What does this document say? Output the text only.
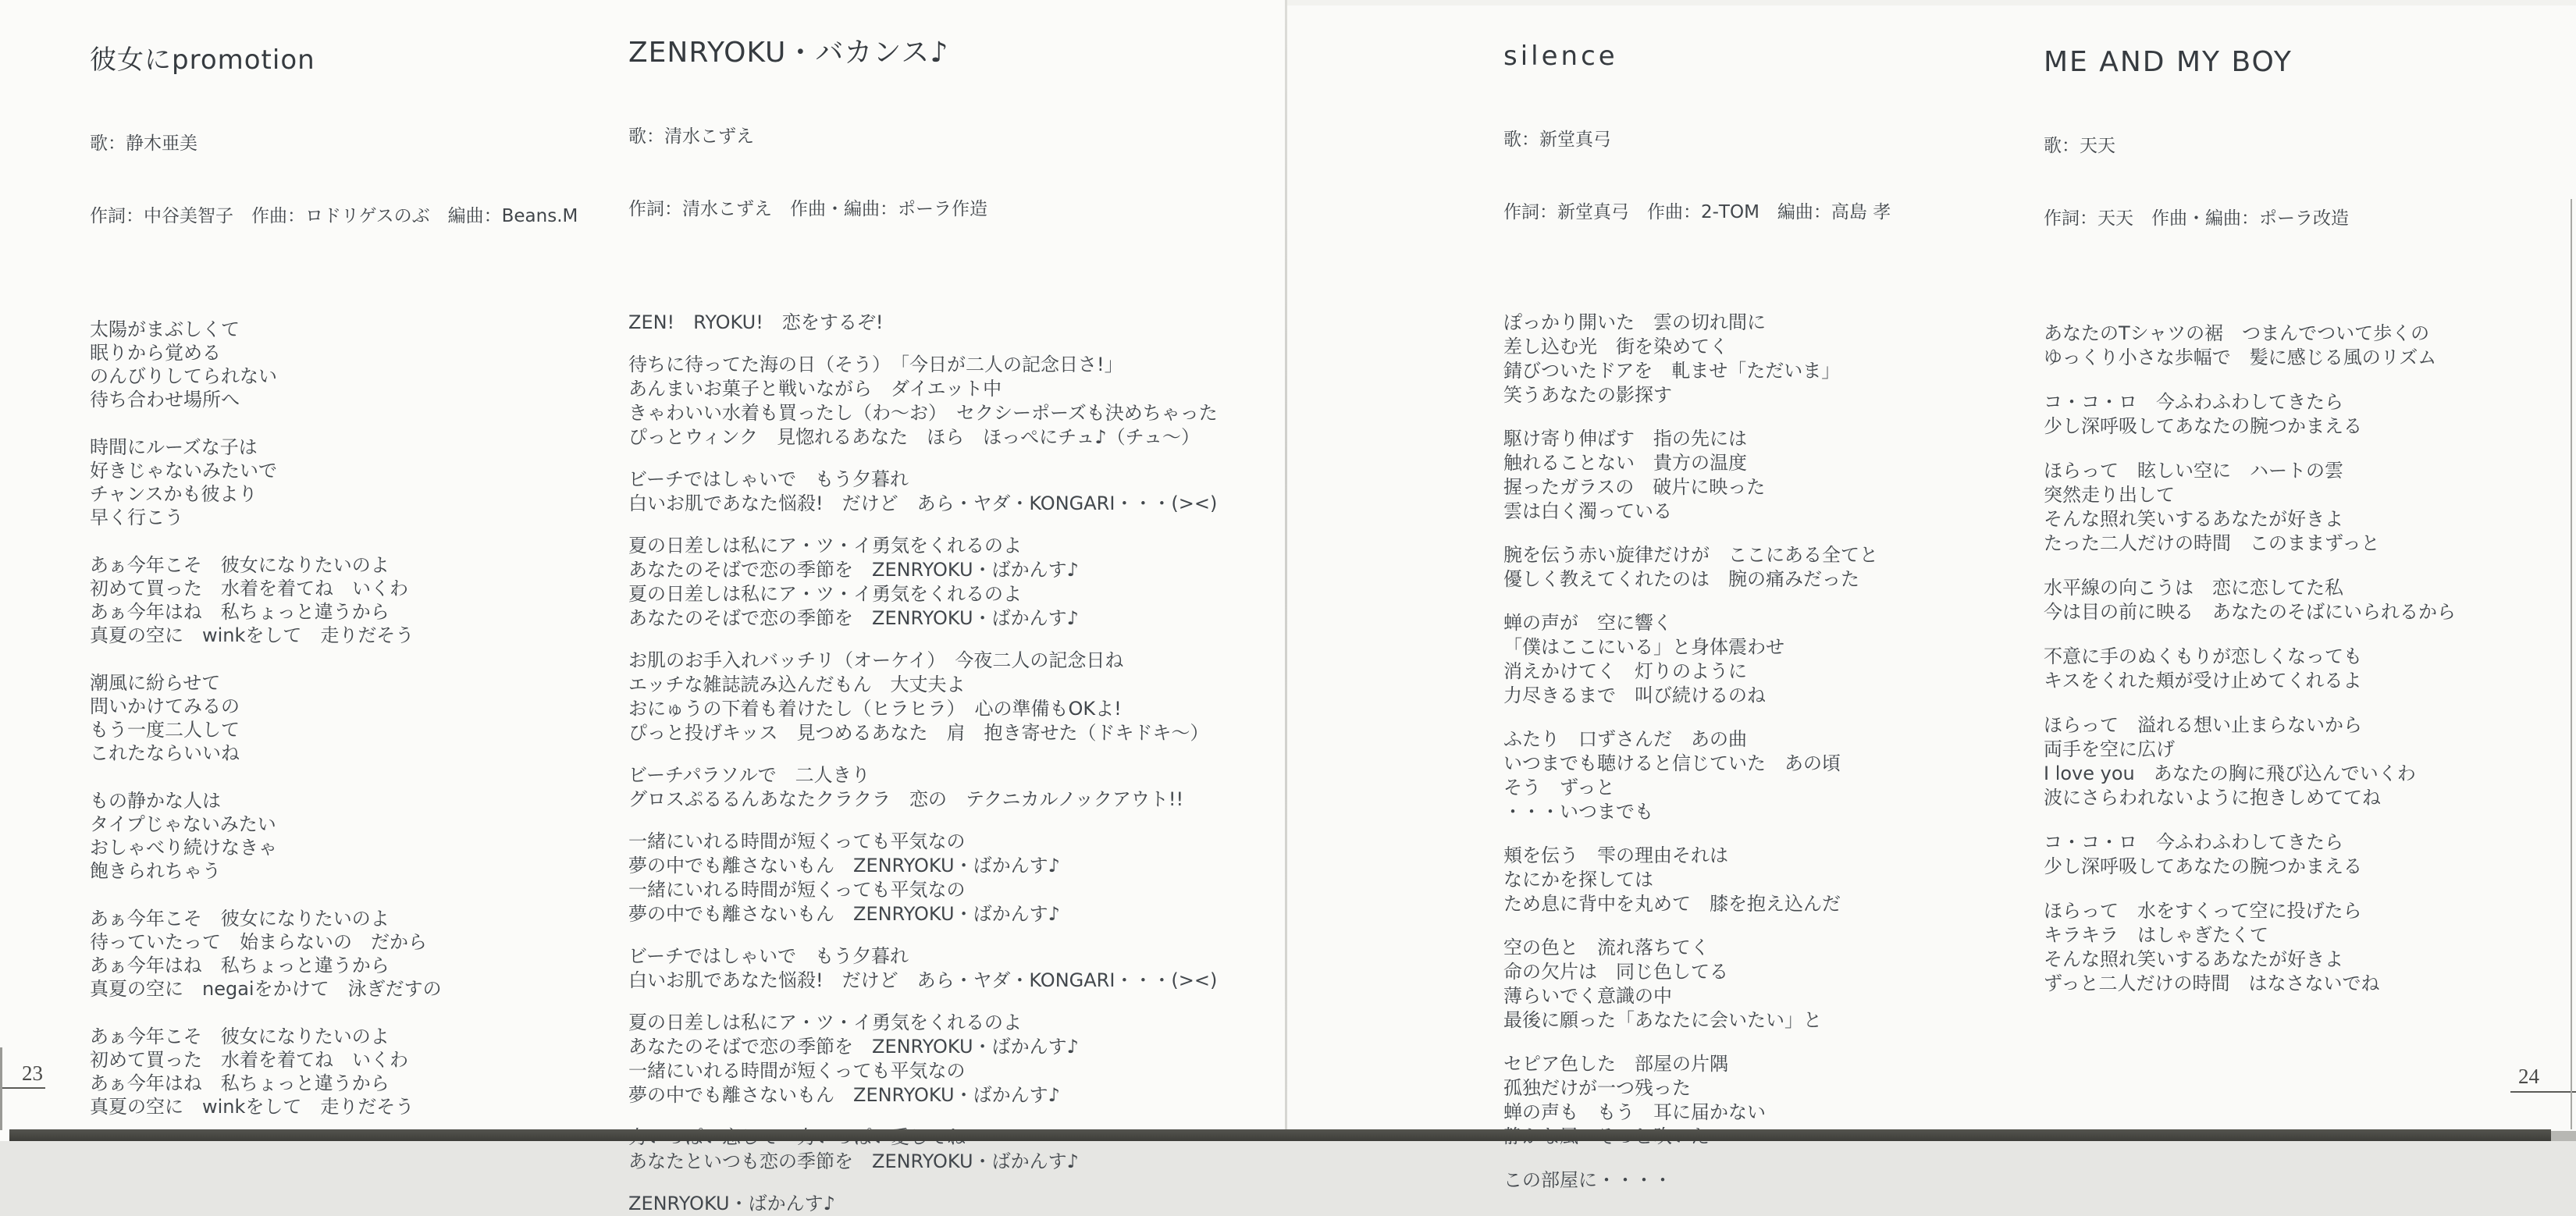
彼女にpromotion

歌：静木亜美

作詞：中谷美智子　作曲：ロドリゲスのぶ　編曲：Beans.M

太陽がまぶしくて
眠りから覚める
のんびりしてられない
待ち合わせ場所へ
時間にルーズな子は
好きじゃないみたいで
チャンスかも彼より
早く行こう
あぁ今年こそ　彼女になりたいのよ
初めて買った　水着を着てね　いくわ
あぁ今年はね　私ちょっと違うから
真夏の空に　winkをして　走りだそう
潮風に紛らせて
問いかけてみるの
もう一度二人して
これたならいいね
もの静かな人は
タイプじゃないみたい
おしゃべり続けなきゃ
飽きられちゃう
あぁ今年こそ　彼女になりたいのよ
待っていたって　始まらないの　だから
あぁ今年はね　私ちょっと違うから
真夏の空に　negaiをかけて　泳ぎだすの
あぁ今年こそ　彼女になりたいのよ
初めて買った　水着を着てね　いくわ
あぁ今年はね　私ちょっと違うから
真夏の空に　winkをして　走りだそう
ZENRYOKU・バカンス♪

歌：清水こずえ

作詞：清水こずえ　作曲・編曲：ポーラ作造

ZEN!　RYOKU!　恋をするぞ!
待ちに待ってた海の日（そう）　「今日が二人の記念日さ!」
あんまいお菓子と戦いながら　ダイエット中
きゃわいい水着も買ったし（わ〜お）　セクシーポーズも決めちゃった
ぴっとウィンク　見惚れるあなた　ほら　ほっぺにチュ♪（チュ〜）
ビーチではしゃいで　もう夕暮れ
白いお肌であなた悩殺!　だけど　あら・ヤダ・KONGARI・・・(><)
夏の日差しは私にア・ツ・イ勇気をくれるのよ
あなたのそばで恋の季節を　ZENRYOKU・ばかんす♪
夏の日差しは私にア・ツ・イ勇気をくれるのよ
あなたのそばで恋の季節を　ZENRYOKU・ばかんす♪
お肌のお手入れバッチリ（オーケイ）　今夜二人の記念日ね
エッチな雑誌読み込んだもん　大丈夫よ
おにゅうの下着も着けたし（ヒラヒラ）　心の準備もOKよ!
ぴっと投げキッス　見つめるあなた　肩　抱き寄せた（ドキドキ〜）
ビーチパラソルで　二人きり
グロスぷるるんあなたクラクラ　恋の　テクニカルノックアウト!!
一緒にいれる時間が短くっても平気なの
夢の中でも離さないもん　ZENRYOKU・ばかんす♪
一緒にいれる時間が短くっても平気なの
夢の中でも離さないもん　ZENRYOKU・ばかんす♪
ビーチではしゃいで　もう夕暮れ
白いお肌であなた悩殺!　だけど　あら・ヤダ・KONGARI・・・(><)
夏の日差しは私にア・ツ・イ勇気をくれるのよ
あなたのそばで恋の季節を　ZENRYOKU・ばかんす♪
一緒にいれる時間が短くっても平気なの
夢の中でも離さないもん　ZENRYOKU・ばかんす♪
あなたといつも恋の季節を　ZENRYOKU・ばかんす♪
ZENRYOKU・ばかんす♪
silence

歌：新堂真弓

作詞：新堂真弓　作曲：2-TOM　編曲：高島 孝

ぽっかり開いた　雲の切れ間に
差し込む光　街を染めてく
錆びついたドアを　軋ませ「ただいま」
笑うあなたの影探す
駆け寄り伸ばす　指の先には
触れることない　貴方の温度
握ったガラスの　破片に映った
雲は白く濁っている
腕を伝う赤い旋律だけが　ここにある全てと
優しく教えてくれたのは　腕の痛みだった
蝉の声が　空に響く
「僕はここにいる」と身体震わせ
消えかけてく　灯りのように
力尽きるまで　叫び続けるのね
ふたり　口ずさんだ　あの曲
いつまでも聴けると信じていた　あの頃
そう　ずっと
・・・いつまでも
頬を伝う　雫の理由それは
なにかを探しては
ため息に背中を丸めて　膝を抱え込んだ
空の色と　流れ落ちてく
命の欠片は　同じ色してる
薄らいでく意識の中
最後に願った「あなたに会いたい」と
セピア色した　部屋の片隅
孤独だけが一つ残った
蝉の声も　もう　耳に届かない
この部屋に・・・・
ME AND MY BOY

歌：天天

作詞：天天　作曲・編曲：ポーラ改造

あなたのTシャツの裾　つまんでついて歩くの
ゆっくり小さな歩幅で　髪に感じる風のリズム
コ・コ・ロ　今ふわふわしてきたら
少し深呼吸してあなたの腕つかまえる
ほらって　眩しい空に　ハートの雲
突然走り出して
そんな照れ笑いするあなたが好きよ
たった二人だけの時間　このままずっと
水平線の向こうは　恋に恋してた私
今は目の前に映る　あなたのそばにいられるから
不意に手のぬくもりが恋しくなっても
キスをくれた頬が受け止めてくれるよ
ほらって　溢れる想い止まらないから
両手を空に広げ
I love you　あなたの胸に飛び込んでいくわ
波にさらわれないように抱きしめててね
コ・コ・ロ　今ふわふわしてきたら
少し深呼吸してあなたの腕つかまえる
ほらって　水をすくって空に投げたら
キラキラ　はしゃぎたくて
そんな照れ笑いするあなたが好きよ
ずっと二人だけの時間　はなさないでね
23	24
